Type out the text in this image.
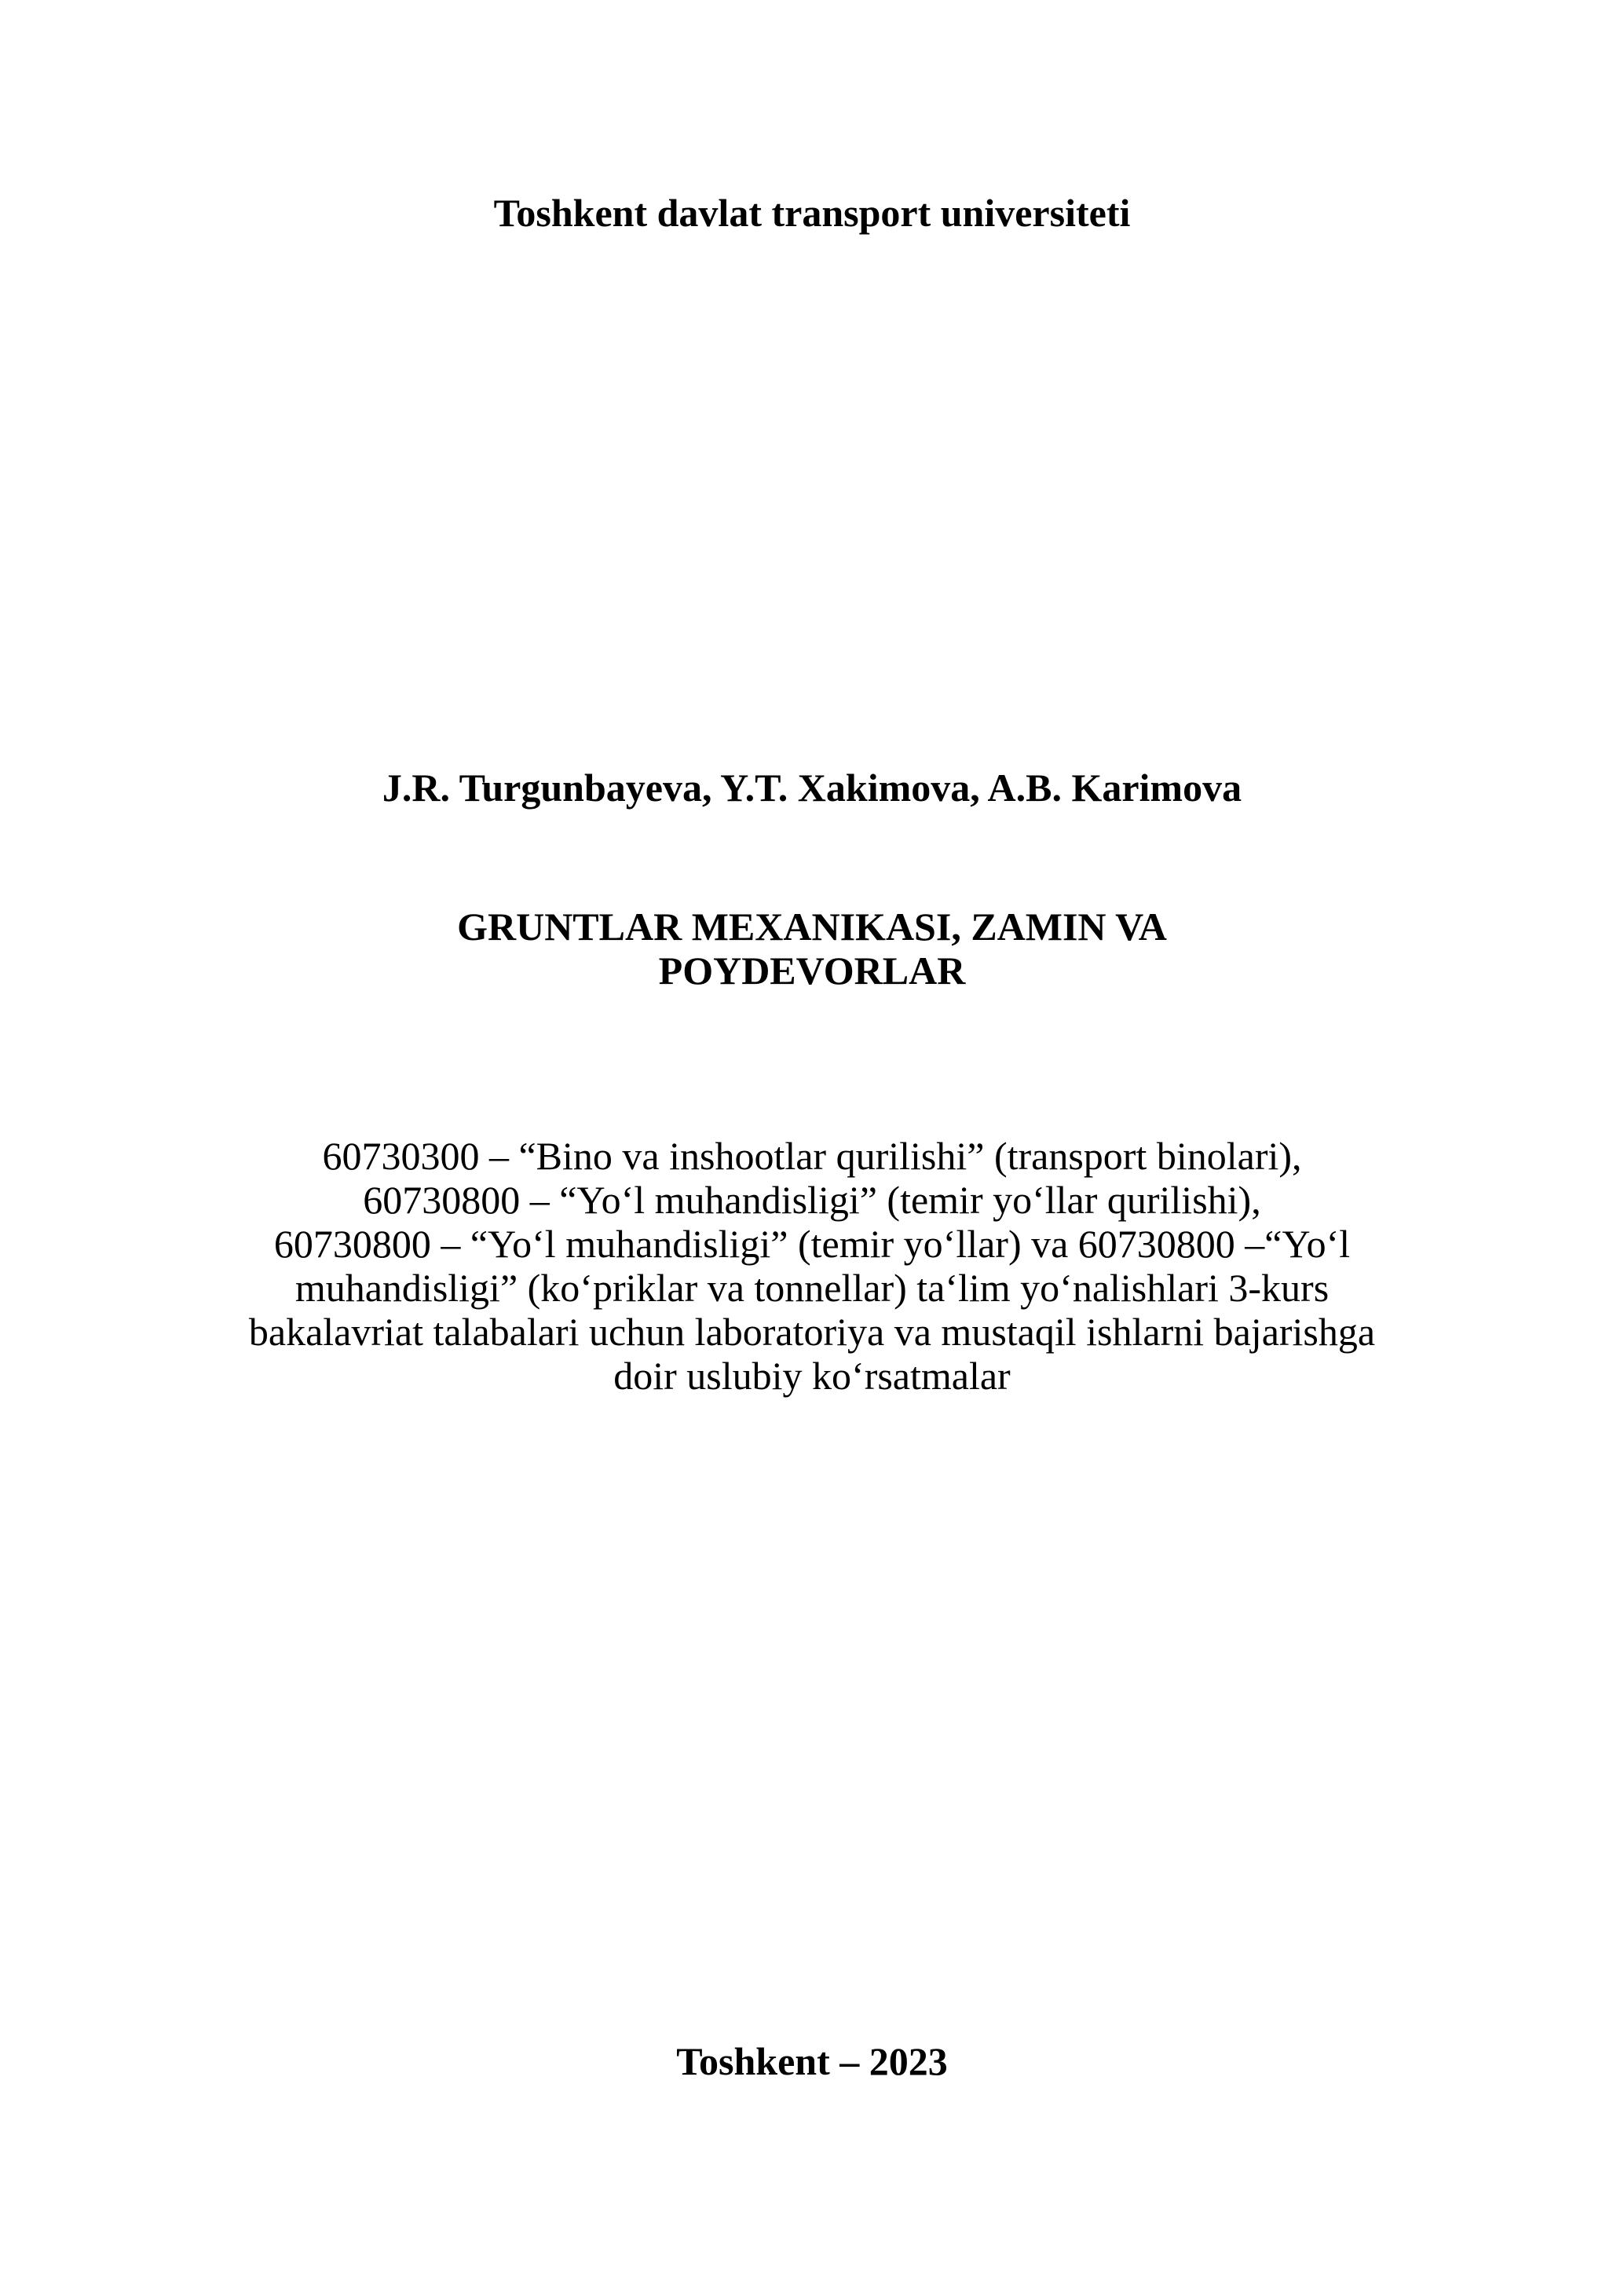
Toshkent davlat transport universiteti
J.R. Turgunbayeva, Y.T. Xakimova, A.B. Karimova
GRUNTLAR MEXANIKASI, ZAMIN VA
POYDEVORLAR
60730300 – “Bino va inshootlar qurilishi” (transport binolari),
60730800 – “Yo‘l muhandisligi” (temir yo‘llar qurilishi),
60730800 – “Yo‘l muhandisligi” (temir yo‘llar) va 60730800 –“Yo‘l
muhandisligi” (ko‘priklar va tonnellar) ta‘lim yo‘nalishlari 3-kurs
bakalavriat talabalari uchun laboratoriya va mustaqil ishlarni bajarishga
doir uslubiy ko‘rsatmalar
Toshkent – 2023
